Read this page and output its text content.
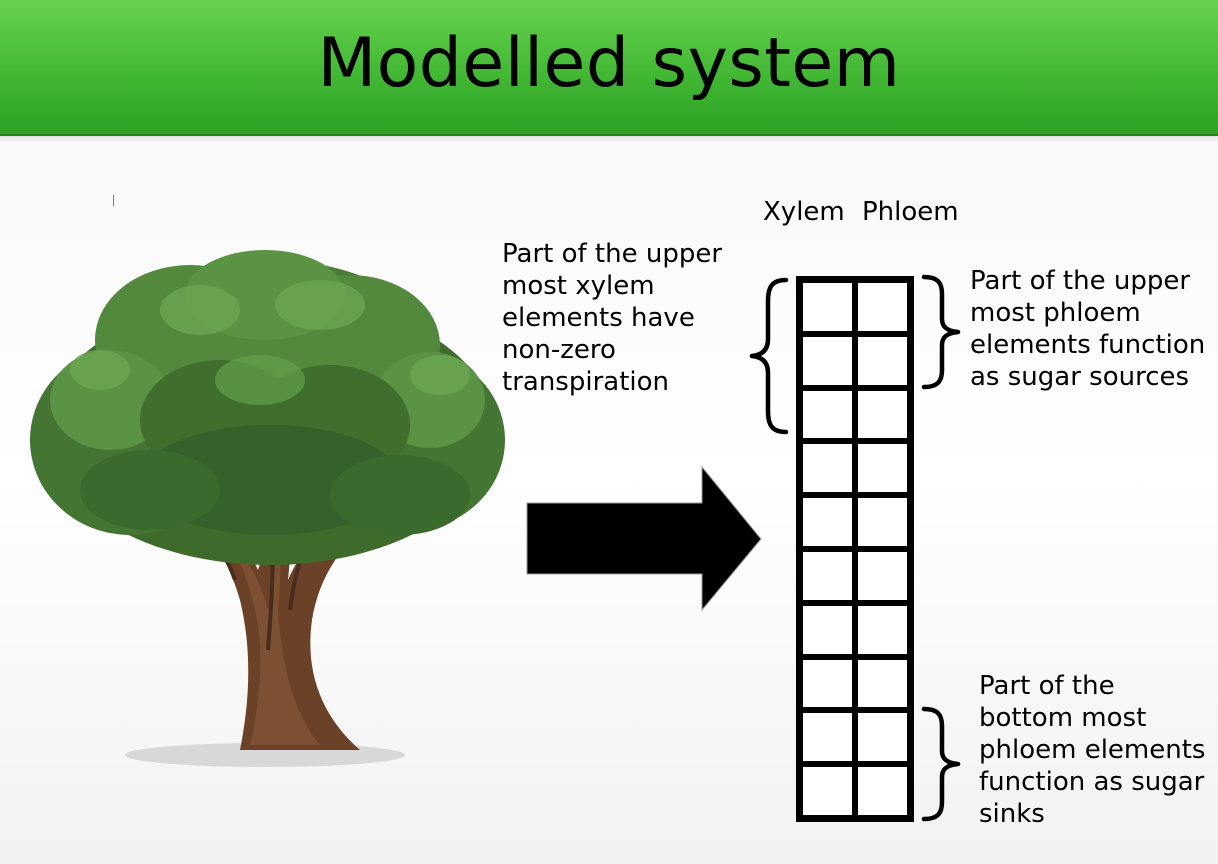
Modelled system
Xylem Phloem
Part of the upper most xylem elements have non-zero transpiration
Part of the upper most phloem elements function as sugar sources
Part of the bottom most phloem elements function as sugar sinks
